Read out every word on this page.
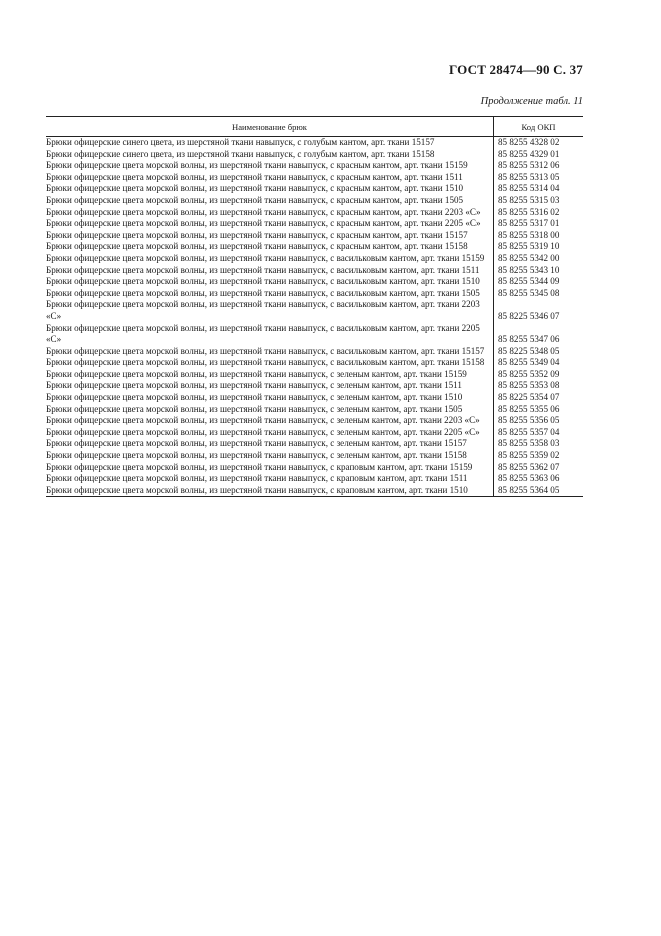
ГОСТ 28474—90 С. 37
Продолжение табл. 11
Наименование брюк	Код ОКП
Брюки офицерские синего цвета, из шерстяной ткани навыпуск, с голубым кантом, арт. ткани 15157	85 8255 4328 02
Брюки офицерские синего цвета, из шерстяной ткани навыпуск, с голубым кантом, арт. ткани 15158	85 8255 4329 01
Брюки офицерские цвета морской волны, из шерстяной ткани навыпуск, с красным кантом, арт. ткани 15159	85 8255 5312 06
Брюки офицерские цвета морской волны, из шерстяной ткани навыпуск, с красным кантом, арт. ткани 1511	85 8255 5313 05
Брюки офицерские цвета морской волны, из шерстяной ткани навыпуск, с красным кантом, арт. ткани 1510	85 8255 5314 04
Брюки офицерские цвета морской волны, из шерстяной ткани навыпуск, с красным кантом, арт. ткани 1505	85 8255 5315 03
Брюки офицерские цвета морской волны, из шерстяной ткани навыпуск, с красным кантом, арт. ткани 2203 «С»	85 8255 5316 02
Брюки офицерские цвета морской волны, из шерстяной ткани навыпуск, с красным кантом, арт. ткани 2205 «С»	85 8255 5317 01
Брюки офицерские цвета морской волны, из шерстяной ткани навыпуск, с красным кантом, арт. ткани 15157	85 8255 5318 00
Брюки офицерские цвета морской волны, из шерстяной ткани навыпуск, с красным кантом, арт. ткани 15158	85 8255 5319 10
Брюки офицерские цвета морской волны, из шерстяной ткани навыпуск, с васильковым кантом, арт. ткани 15159	85 8255 5342 00
Брюки офицерские цвета морской волны, из шерстяной ткани навыпуск, с васильковым кантом, арт. ткани 1511	85 8255 5343 10
Брюки офицерские цвета морской волны, из шерстяной ткани навыпуск, с васильковым кантом, арт. ткани 1510	85 8255 5344 09
Брюки офицерские цвета морской волны, из шерстяной ткани навыпуск, с васильковым кантом, арт. ткани 1505	85 8255 5345 08
Брюки офицерские цвета морской волны, из шерстяной ткани навыпуск, с васильковым кантом, арт. ткани 2203 «С»	85 8225 5346 07
Брюки офицерские цвета морской волны, из шерстяной ткани навыпуск, с васильковым кантом, арт. ткани 2205 «С»	85 8255 5347 06
Брюки офицерские цвета морской волны, из шерстяной ткани навыпуск, с васильковым кантом, арт. ткани 15157	85 8225 5348 05
Брюки офицерские цвета морской волны, из шерстяной ткани навыпуск, с васильковым кантом, арт. ткани 15158	85 8255 5349 04
Брюки офицерские цвета морской волны, из шерстяной ткани навыпуск, с зеленым кантом, арт. ткани 15159	85 8255 5352 09
Брюки офицерские цвета морской волны, из шерстяной ткани навыпуск, с зеленым кантом, арт. ткани 1511	85 8255 5353 08
Брюки офицерские цвета морской волны, из шерстяной ткани навыпуск, с зеленым кантом, арт. ткани 1510	85 8225 5354 07
Брюки офицерские цвета морской волны, из шерстяной ткани навыпуск, с зеленым кантом, арт. ткани 1505	85 8255 5355 06
Брюки офицерские цвета морской волны, из шерстяной ткани навыпуск, с зеленым кантом, арт. ткани 2203 «С»	85 8255 5356 05
Брюки офицерские цвета морской волны, из шерстяной ткани навыпуск, с зеленым кантом, арт. ткани 2205 «С»	85 8255 5357 04
Брюки офицерские цвета морской волны, из шерстяной ткани навыпуск, с зеленым кантом, арт. ткани 15157	85 8255 5358 03
Брюки офицерские цвета морской волны, из шерстяной ткани навыпуск, с зеленым кантом, арт. ткани 15158	85 8255 5359 02
Брюки офицерские цвета морской волны, из шерстяной ткани навыпуск, с краповым кантом, арт. ткани 15159	85 8255 5362 07
Брюки офицерские цвета морской волны, из шерстяной ткани навыпуск, с краповым кантом, арт. ткани 1511	85 8255 5363 06
Брюки офицерские цвета морской волны, из шерстяной ткани навыпуск, с краповым кантом, арт. ткани 1510	85 8255 5364 05
